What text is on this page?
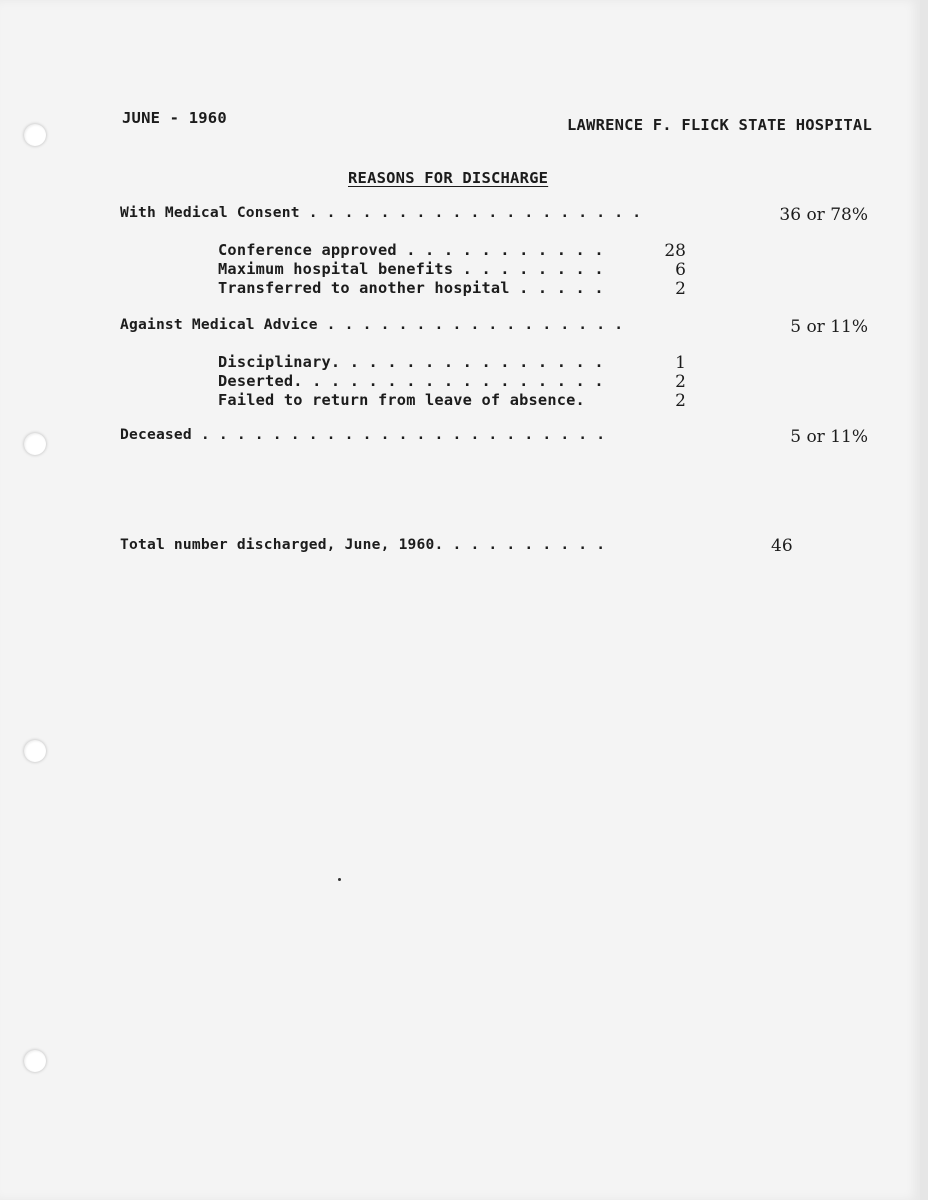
JUNE - 1960	LAWRENCE F. FLICK STATE HOSPITAL
REASONS FOR DISCHARGE
With Medical Consent . . . . . . . . . . . . . . . . . . .	36 or 78%
Conference approved . . . . . . . . . . .	28
Maximum hospital benefits . . . . . . . .	6
Transferred to another hospital . . . . .	2
Against Medical Advice . . . . . . . . . . . . . . . . .	5 or 11%
Disciplinary. . . . . . . . . . . . . . .	1
Deserted. . . . . . . . . . . . . . . . .	2
Failed to return from leave of absence.	2
Deceased . . . . . . . . . . . . . . . . . . . . . . .	5 or 11%
Total number discharged, June, 1960. . . . . . . . . .	46
